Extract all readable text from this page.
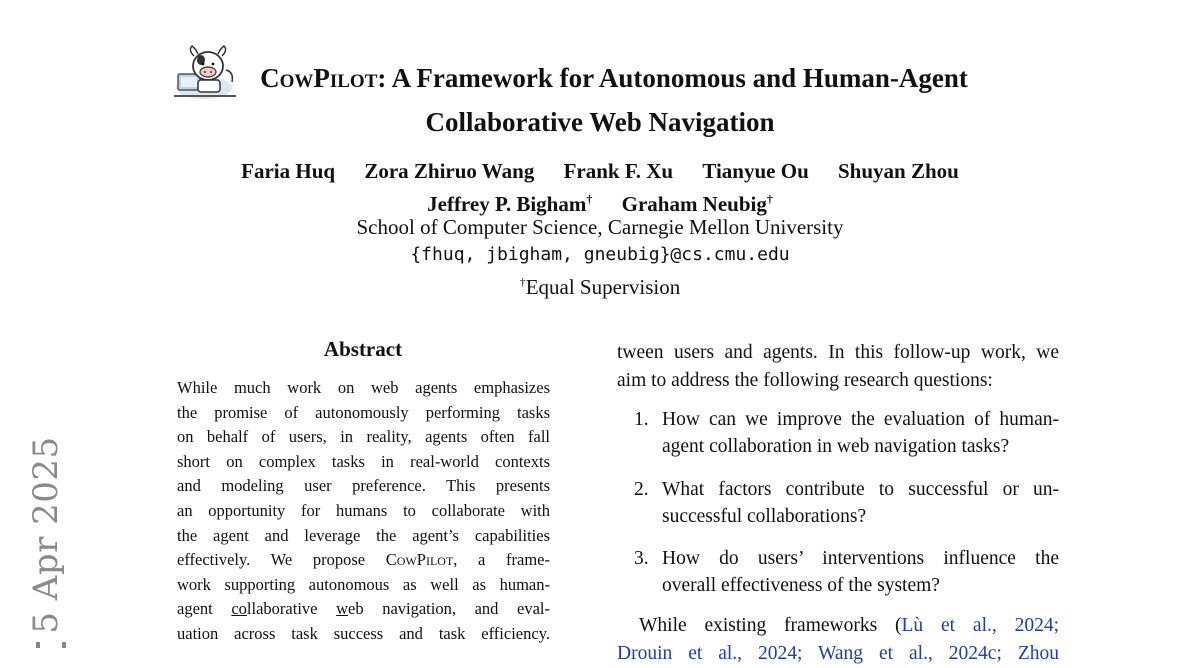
5 Apr 2025
CowPilot: A Framework for Autonomous and Human-Agent
Collaborative Web Navigation
Faria Huq Zora Zhiruo Wang Frank F. Xu Tianyue Ou Shuyan Zhou
Jeffrey P. Bigham† Graham Neubig†
School of Computer Science, Carnegie Mellon University
{fhuq, jbigham, gneubig}@cs.cmu.edu
†Equal Supervision
Abstract
While much work on web agents emphasizes
the promise of autonomously performing tasks
on behalf of users, in reality, agents often fall
short on complex tasks in real-world contexts
and modeling user preference. This presents
an opportunity for humans to collaborate with
the agent and leverage the agent’s capabilities
effectively. We propose CowPilot, a frame-
work supporting autonomous as well as human-
agent collaborative web navigation, and eval-
uation across task success and task efficiency.
tween users and agents. In this follow-up work, we
aim to address the following research questions:
1. How can we improve the evaluation of human-
agent collaboration in web navigation tasks?
2. What factors contribute to successful or un-
successful collaborations?
3. How do users’ interventions influence the
overall effectiveness of the system?
While existing frameworks (Lù et al., 2024;
Drouin et al., 2024; Wang et al., 2024c; Zhou
